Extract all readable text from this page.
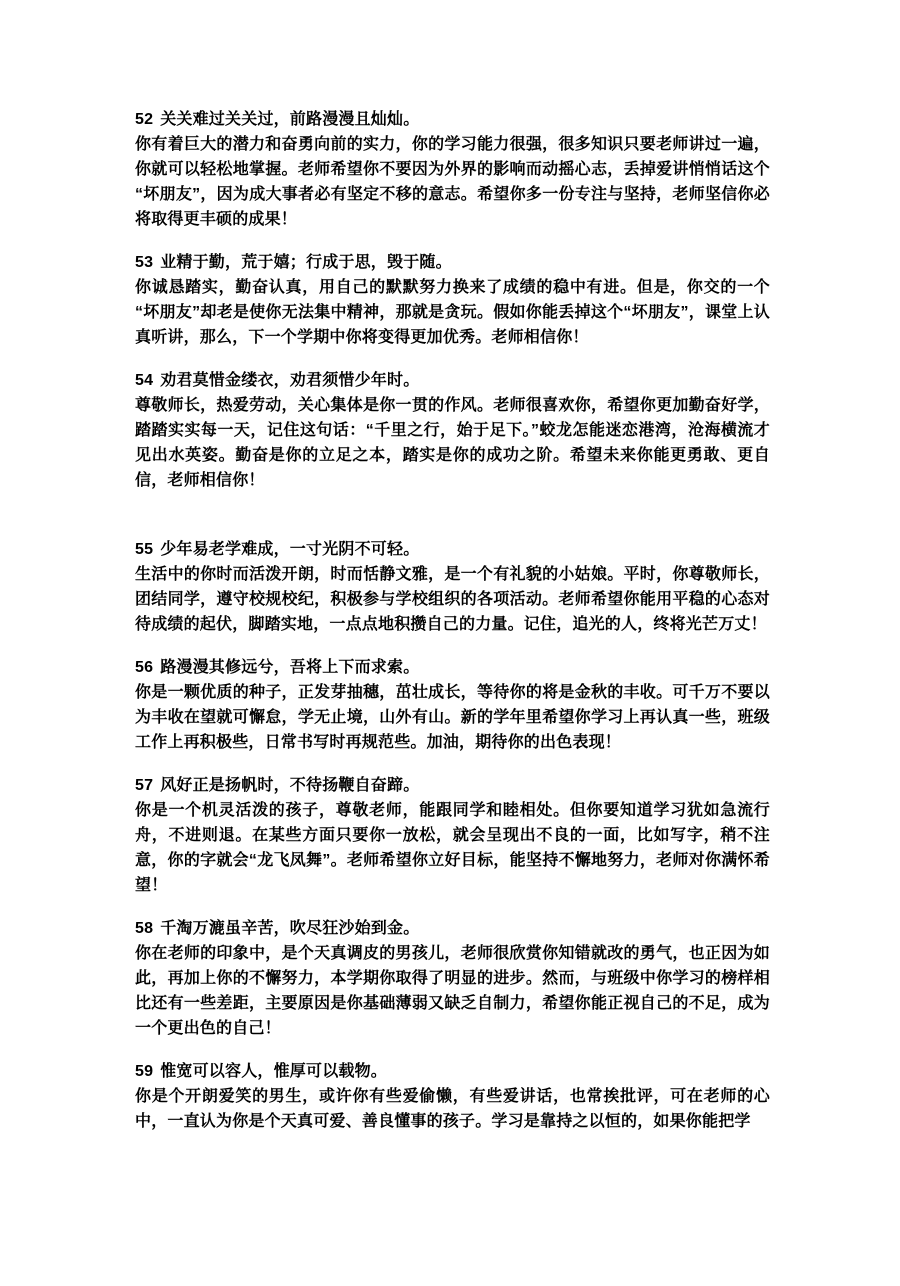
52 关关难过关关过，前路漫漫且灿灿。

你有着巨大的潜力和奋勇向前的实力，你的学习能力很强，很多知识只要老师讲过一遍，你就可以轻松地掌握。老师希望你不要因为外界的影响而动摇心志，丢掉爱讲悄悄话这个“坏朋友”，因为成大事者必有坚定不移的意志。希望你多一份专注与坚持，老师坚信你必将取得更丰硕的成果！

53 业精于勤，荒于嬉；行成于思，毁于随。

你诚恳踏实，勤奋认真，用自己的默默努力换来了成绩的稳中有进。但是，你交的一个“坏朋友”却老是使你无法集中精神，那就是贪玩。假如你能丢掉这个“坏朋友”，课堂上认真听讲，那么，下一个学期中你将变得更加优秀。老师相信你！

54 劝君莫惜金缕衣，劝君须惜少年时。

尊敬师长，热爱劳动，关心集体是你一贯的作风。老师很喜欢你，希望你更加勤奋好学，踏踏实实每一天，记住这句话：“千里之行，始于足下。”蛟龙怎能迷恋港湾，沧海横流才见出水英姿。勤奋是你的立足之本，踏实是你的成功之阶。希望未来你能更勇敢、更自信，老师相信你！

55 少年易老学难成，一寸光阴不可轻。

生活中的你时而活泼开朗，时而恬静文雅，是一个有礼貌的小姑娘。平时，你尊敬师长，团结同学，遵守校规校纪，积极参与学校组织的各项活动。老师希望你能用平稳的心态对待成绩的起伏，脚踏实地，一点点地积攒自己的力量。记住，追光的人，终将光芒万丈！

56 路漫漫其修远兮，吾将上下而求索。

你是一颗优质的种子，正发芽抽穗，茁壮成长，等待你的将是金秋的丰收。可千万不要以为丰收在望就可懈怠，学无止境，山外有山。新的学年里希望你学习上再认真一些，班级工作上再积极些，日常书写时再规范些。加油，期待你的出色表现！

57 风好正是扬帆时，不待扬鞭自奋蹄。

你是一个机灵活泼的孩子，尊敬老师，能跟同学和睦相处。但你要知道学习犹如急流行舟，不进则退。在某些方面只要你一放松，就会呈现出不良的一面，比如写字，稍不注意，你的字就会“龙飞凤舞”。老师希望你立好目标，能坚持不懈地努力，老师对你满怀希望！

58 千淘万漉虽辛苦，吹尽狂沙始到金。

你在老师的印象中，是个天真调皮的男孩儿，老师很欣赏你知错就改的勇气，也正因为如此，再加上你的不懈努力，本学期你取得了明显的进步。然而，与班级中你学习的榜样相比还有一些差距，主要原因是你基础薄弱又缺乏自制力，希望你能正视自己的不足，成为一个更出色的自己！

59 惟宽可以容人，惟厚可以载物。

你是个开朗爱笑的男生，或许你有些爱偷懒，有些爱讲话，也常挨批评，可在老师的心中，一直认为你是个天真可爱、善良懂事的孩子。学习是靠持之以恒的，如果你能把学
